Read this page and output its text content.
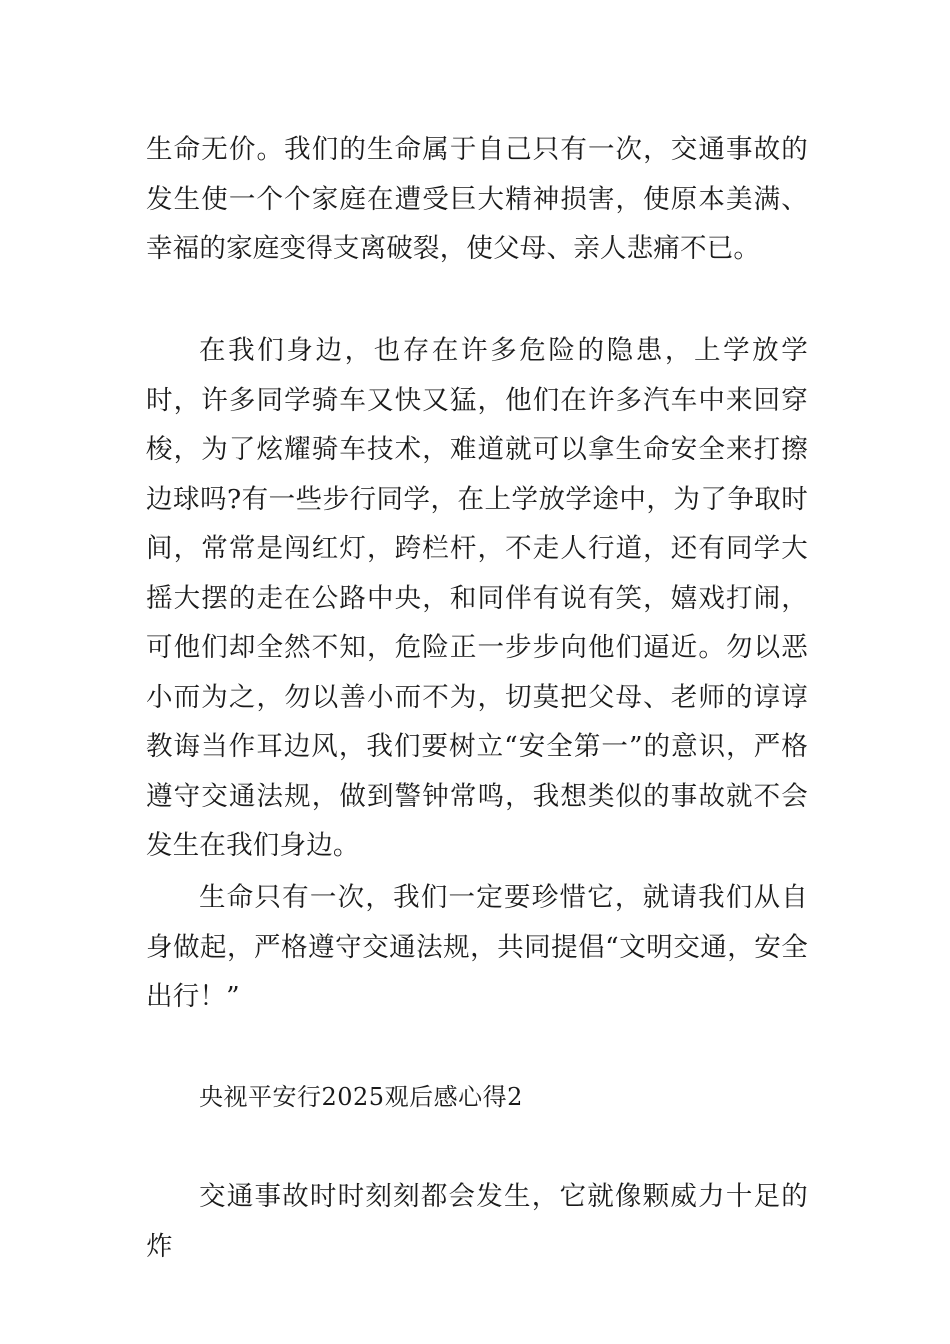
生命无价。我们的生命属于自己只有一次，交通事故的发生使一个个家庭在遭受巨大精神损害，使原本美满、幸福的家庭变得支离破裂，使父母、亲人悲痛不已。

在我们身边，也存在许多危险的隐患，上学放学时，许多同学骑车又快又猛，他们在许多汽车中来回穿梭，为了炫耀骑车技术，难道就可以拿生命安全来打擦边球吗?有一些步行同学，在上学放学途中，为了争取时间，常常是闯红灯，跨栏杆，不走人行道，还有同学大摇大摆的走在公路中央，和同伴有说有笑，嬉戏打闹，可他们却全然不知，危险正一步步向他们逼近。勿以恶小而为之，勿以善小而不为，切莫把父母、老师的谆谆教诲当作耳边风，我们要树立“安全第一”的意识，严格遵守交通法规，做到警钟常鸣，我想类似的事故就不会发生在我们身边。

生命只有一次，我们一定要珍惜它，就请我们从自身做起，严格遵守交通法规，共同提倡“文明交通，安全出行！”

央视平安行2025观后感心得2

交通事故时时刻刻都会发生，它就像颗威力十足的炸
